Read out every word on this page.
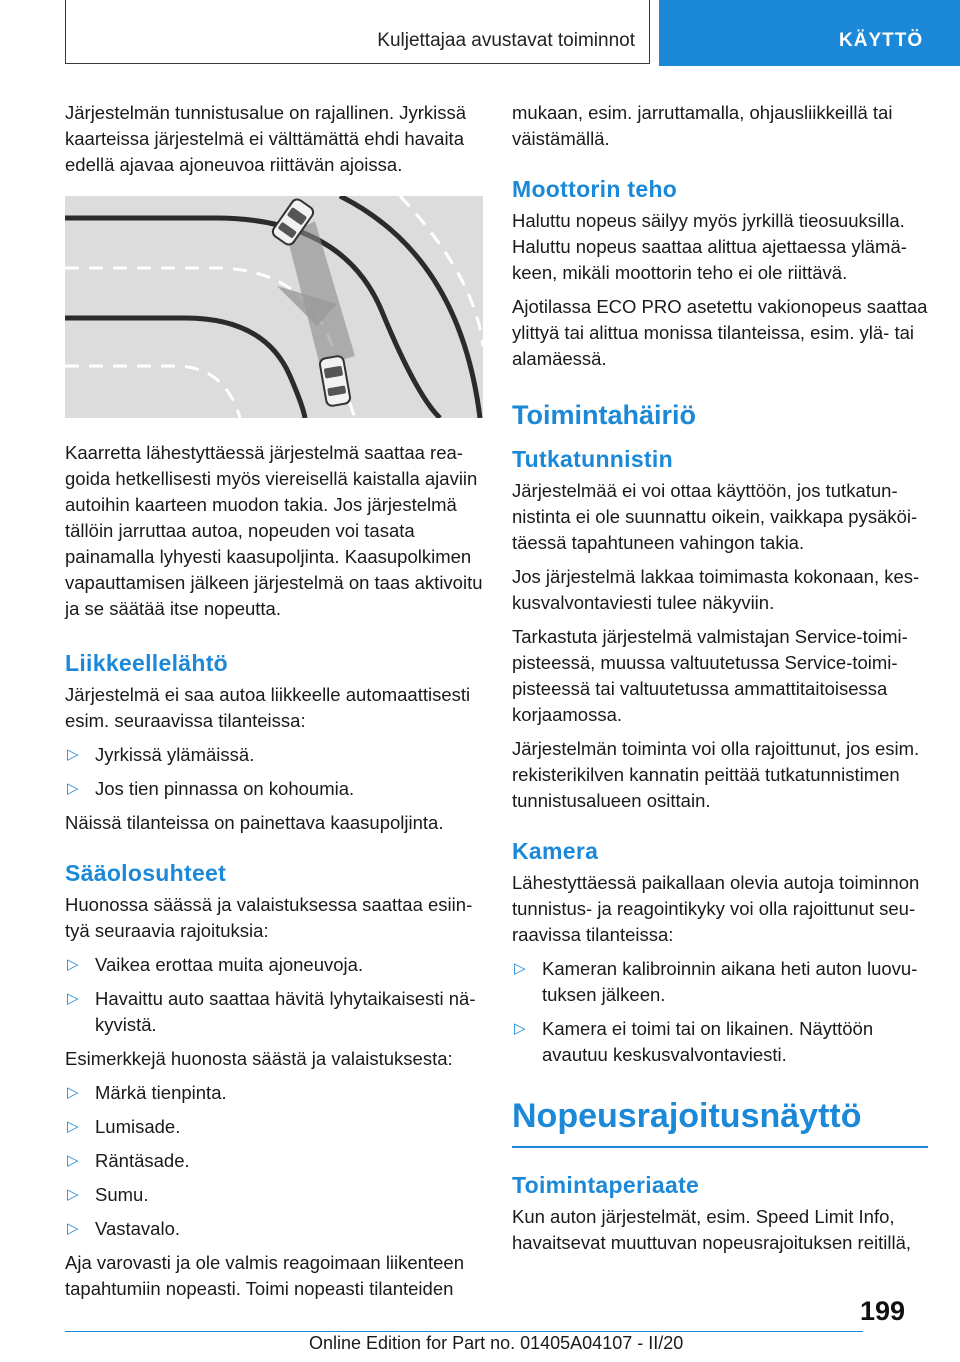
Kuljettajaa avustavat toiminnot	KÄYTTÖ

Järjestelmän tunnistusalue on rajallinen. Jyrkissä kaarteissa järjestelmä ei välttämättä ehdi havaita edellä ajavaa ajoneuvoa riittävän ajoissa.

Kaarretta lähestyttäessä järjestelmä saattaa reagoida hetkellisesti myös viereisellä kaistalla ajaviin autoihin kaarteen muodon takia. Jos järjestelmä tällöin jarruttaa autoa, nopeuden voi tasata painamalla lyhyesti kaasupoljinta. Kaasupolkimen vapauttamisen jälkeen järjestelmä on taas aktivoitu ja se säätää itse nopeutta.

Liikkeellelähtö

Järjestelmä ei saa autoa liikkeelle automaattisesti esim. seuraavissa tilanteissa:

▷ Jyrkissä ylämäissä.
▷ Jos tien pinnassa on kohoumia.

Näissä tilanteissa on painettava kaasupoljinta.

Sääolosuhteet

Huonossa säässä ja valaistuksessa saattaa esiintyä seuraavia rajoituksia:

▷ Vaikea erottaa muita ajoneuvoja.
▷ Havaittu auto saattaa hävitä lyhytaikaisesti näkyvistä.

Esimerkkejä huonosta säästä ja valaistuksesta:

▷ Märkä tienpinta.
▷ Lumisade.
▷ Räntäsade.
▷ Sumu.
▷ Vastavalo.

Aja varovasti ja ole valmis reagoimaan liikenteen tapahtumiin nopeasti. Toimi nopeasti tilanteiden

mukaan, esim. jarruttamalla, ohjausliikkeillä tai väistämällä.

Moottorin teho

Haluttu nopeus säilyy myös jyrkillä tieosuuksilla. Haluttu nopeus saattaa alittua ajettaessa ylämäkeen, mikäli moottorin teho ei ole riittävä.

Ajotilassa ECO PRO asetettu vakionopeus saattaa ylittyä tai alittua monissa tilanteissa, esim. ylä- tai alamäessä.

Toimintahäiriö
Tutkatunnistin

Järjestelmää ei voi ottaa käyttöön, jos tutkatunnistinta ei ole suunnattu oikein, vaikkapa pysäköitäessä tapahtuneen vahingon takia.

Jos järjestelmä lakkaa toimimasta kokonaan, keskusvalvontaviesti tulee näkyviin.

Tarkastuta järjestelmä valmistajan Service-toimipisteessä, muussa valtuutetussa Service-toimipisteessä tai valtuutetussa ammattitaitoisessa korjaamossa.

Järjestelmän toiminta voi olla rajoittunut, jos esim. rekisterikilven kannatin peittää tutkatunnistimen tunnistusalueen osittain.

Kamera

Lähestyttäessä paikallaan olevia autoja toiminnon tunnistus- ja reagointikyky voi olla rajoittunut seuraavissa tilanteissa:

▷ Kameran kalibroinnin aikana heti auton luovutuksen jälkeen.
▷ Kamera ei toimi tai on likainen. Näyttöön avautuu keskusvalvontaviesti.
Nopeusrajoitusnäyttö
Toimintaperiaate

Kun auton järjestelmät, esim. Speed Limit Info, havaitsevat muuttuvan nopeusrajoituksen reitillä,

199
Online Edition for Part no. 01405A04107 - II/20
